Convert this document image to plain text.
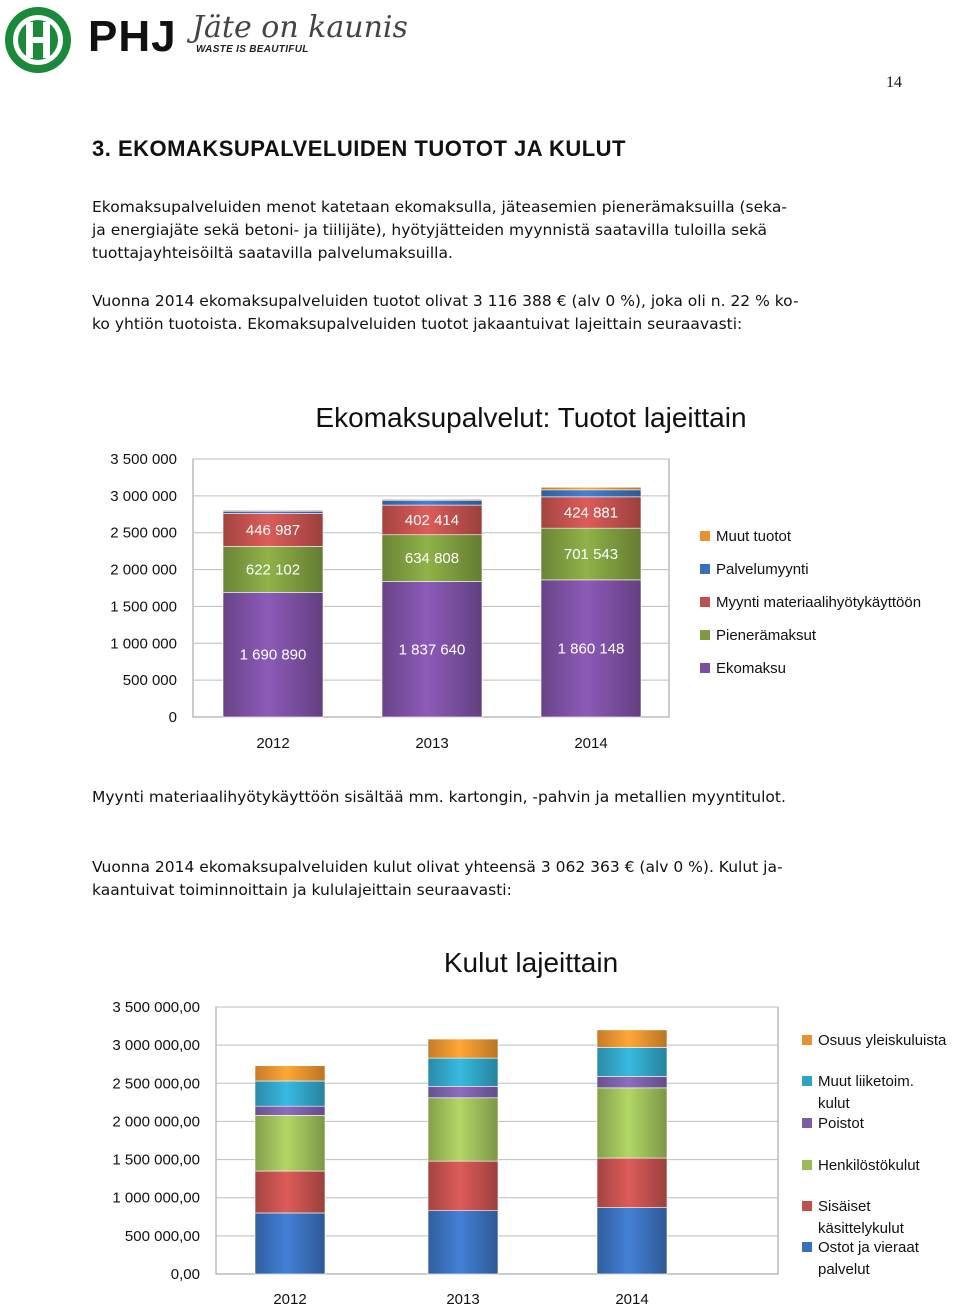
PHJ Jäte on kaunis
WASTE IS BEAUTIFUL
14
3. EKOMAKSUPALVELUIDEN TUOTOT JA KULUT
Ekomaksupalveluiden menot katetaan ekomaksulla, jäteasemien pienerämaksuilla (seka-
ja energiajäte sekä betoni- ja tiilijäte), hyötyjätteiden myynnistä saatavilla tuloilla sekä
tuottajayhteisöiltä saatavilla palvelumaksuilla.
Vuonna 2014 ekomaksupalveluiden tuotot olivat 3 116 388 € (alv 0 %), joka oli n. 22 % ko-
ko yhtiön tuotoista. Ekomaksupalveluiden tuotot jakaantuivat lajeittain seuraavasti:
Ekomaksupalvelut: Tuotot lajeittain
0
500 000
1 000 000
1 500 000
2 000 000
2 500 000
3 000 000
3 500 000
1 690 890
622 102
446 987
2012
1 837 640
634 808
402 414
2013
1 860 148
701 543
424 881
2014
Muut tuotot
Palvelumyynti
Myynti materiaalihyötykäyttöön
Pienerämaksut
Ekomaksu
Myynti materiaalihyötykäyttöön sisältää mm. kartongin, -pahvin ja metallien myyntitulot.
Vuonna 2014 ekomaksupalveluiden kulut olivat yhteensä 3 062 363 € (alv 0 %). Kulut ja-
kaantuivat toiminnoittain ja kululajeittain seuraavasti:
Kulut lajeittain
0,00
500 000,00
1 000 000,00
1 500 000,00
2 000 000,00
2 500 000,00
3 000 000,00
3 500 000,00
2012	2013	2014
Osuus yleiskuluista
Muut liiketoim.
kulut
Poistot
Henkilöstökulut
Sisäiset
käsittelykulut
Ostot ja vieraat
palvelut
